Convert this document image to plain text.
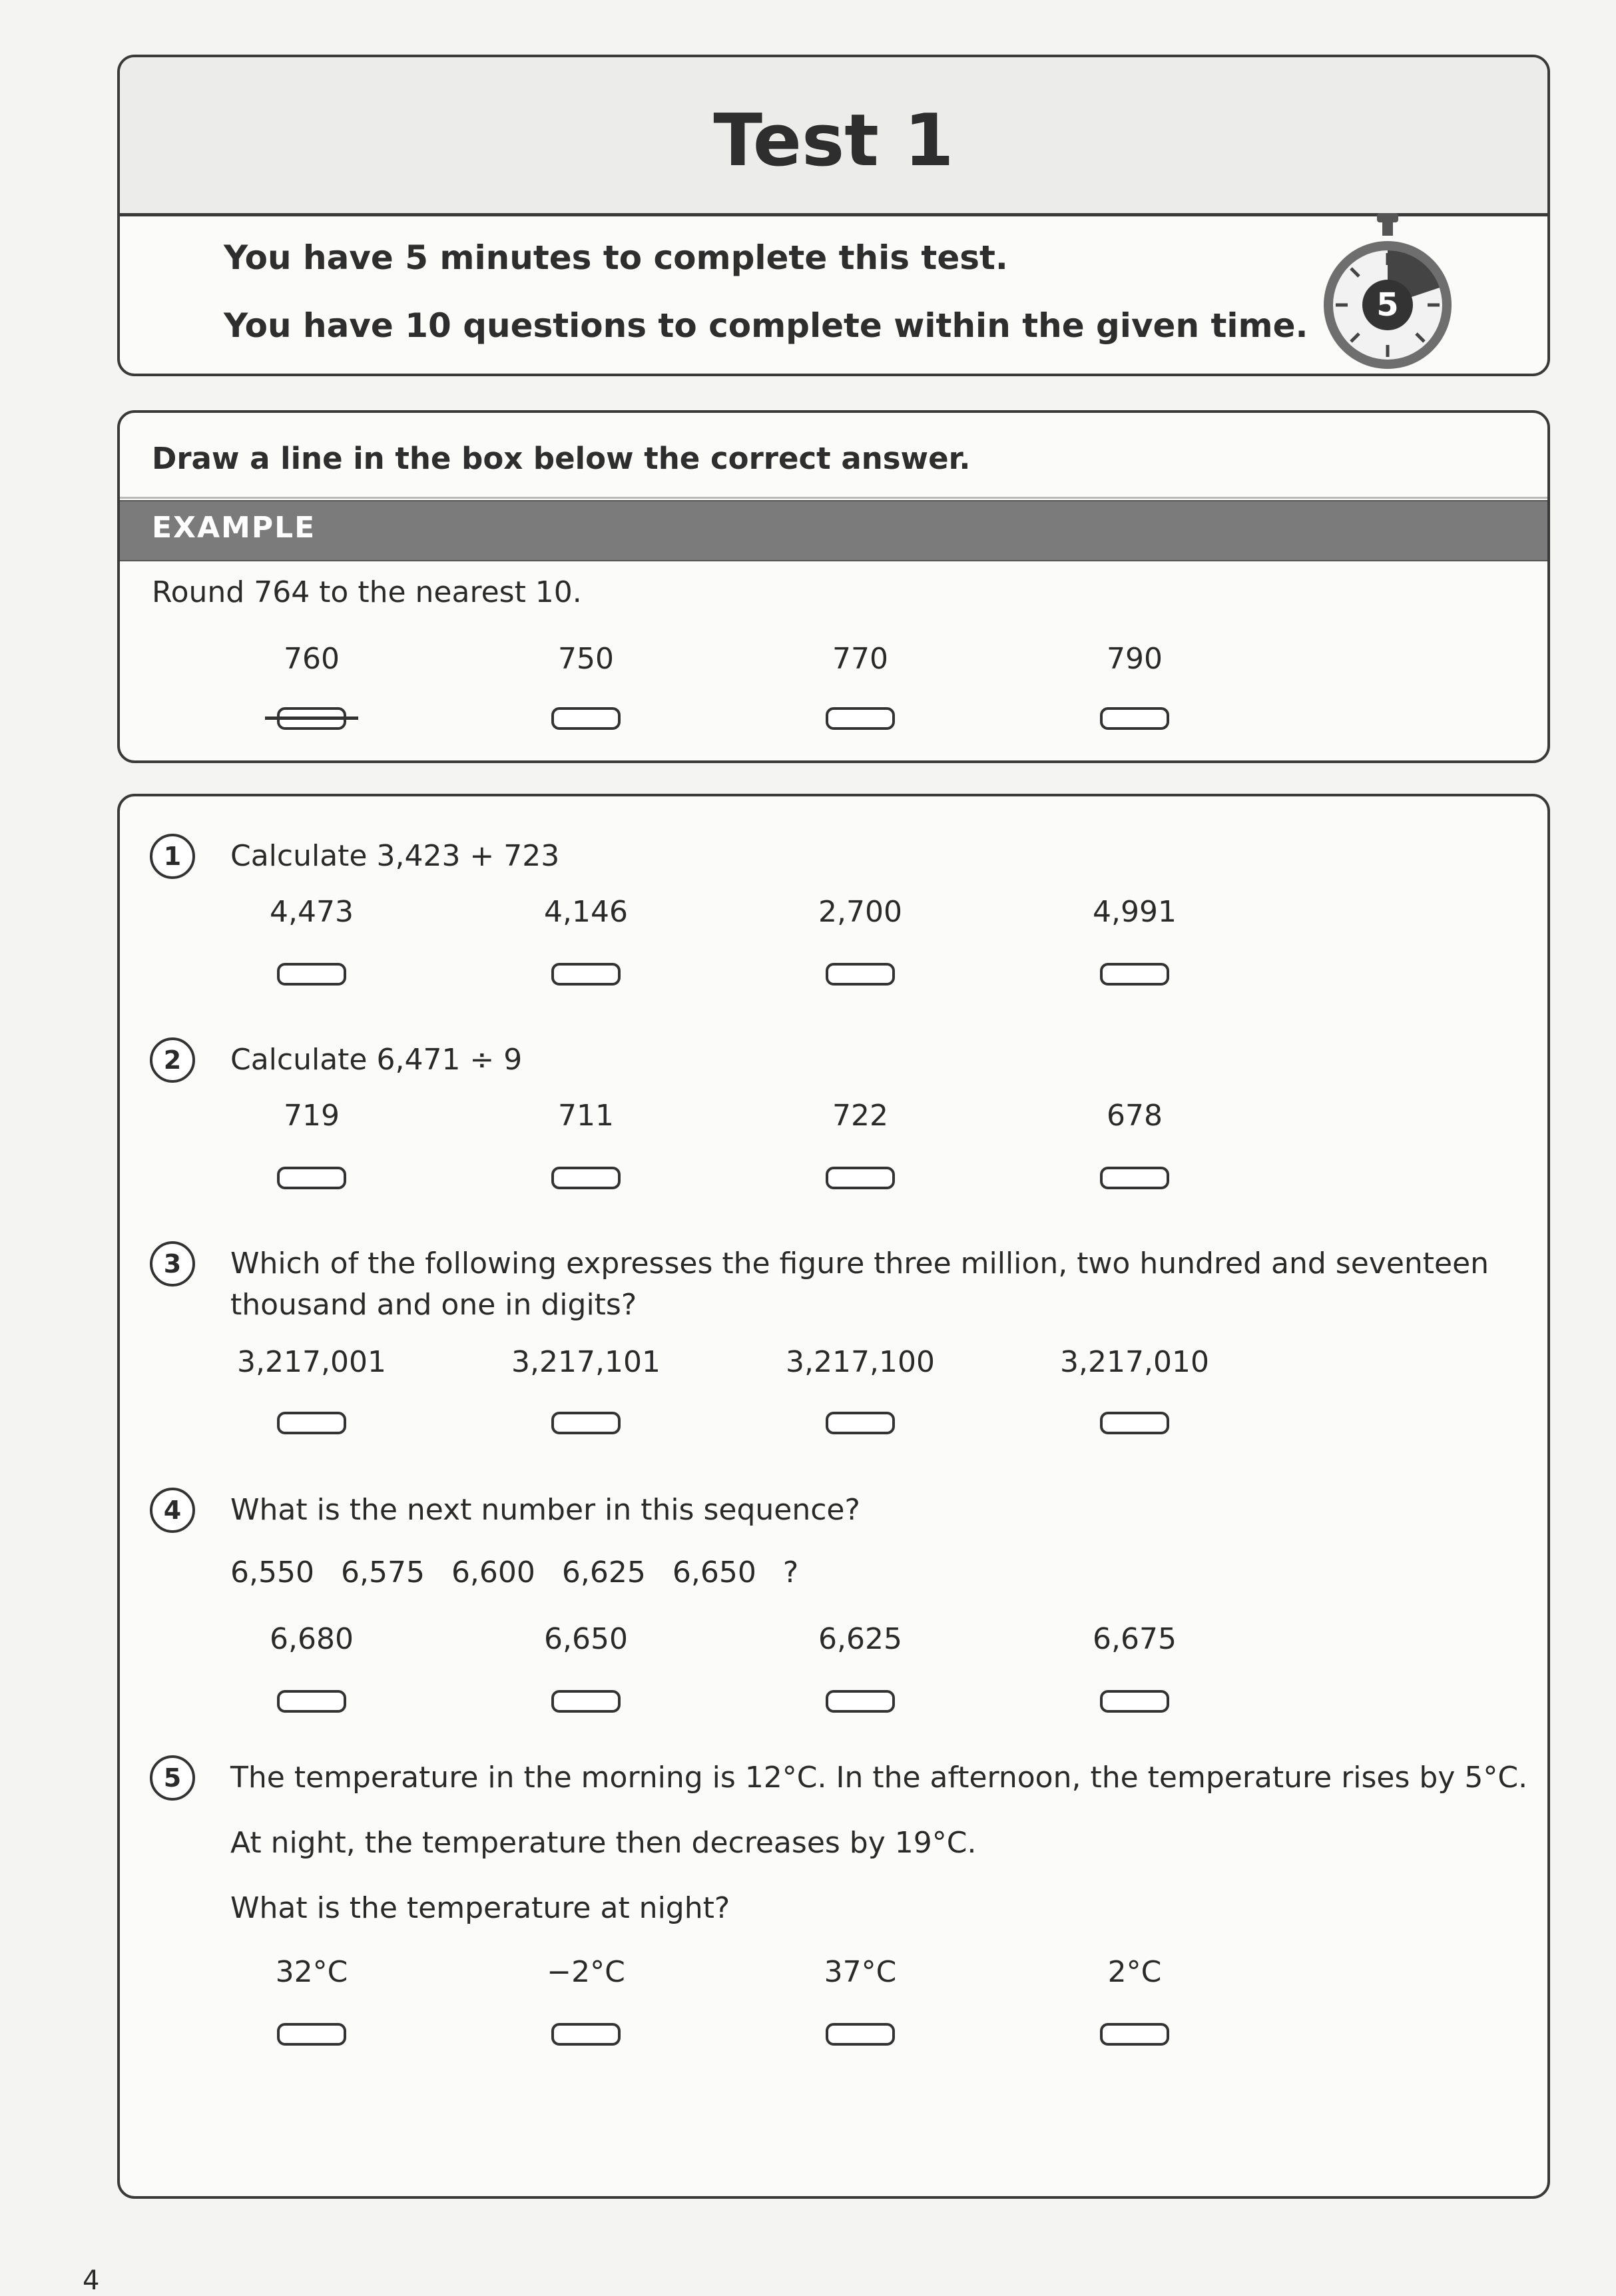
Test 1
You have 5 minutes to complete this test.
You have 10 questions to complete within the given time.
5
Draw a line in the box below the correct answer.
EXAMPLE
Round 764 to the nearest 10.
760	750	770	790
1	Calculate 3,423 + 723
4,473	4,146	2,700	4,991
2	Calculate 6,471 ÷ 9
719	711	722	678
3	Which of the following expresses the figure three million, two hundred and seventeen
thousand and one in digits?
3,217,001	3,217,101	3,217,100	3,217,010
4	What is the next number in this sequence?
6,550 6,575 6,600 6,625 6,650 ?
6,680	6,650	6,625	6,675
5	The temperature in the morning is 12°C. In the afternoon, the temperature rises by 5°C.
At night, the temperature then decreases by 19°C.
What is the temperature at night?
32°C	−2°C	37°C	2°C
4
